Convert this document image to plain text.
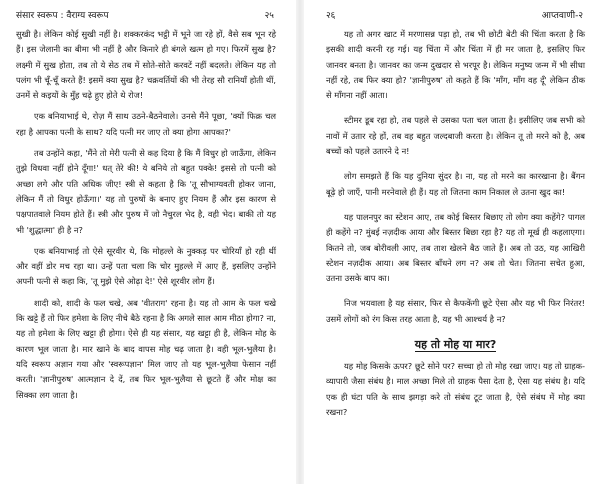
संसार स्वरूप : वैराग्य स्वरूप	२५

सुखी है। लेकिन कोई सुखी नहीं है। शक्करकंद भट्ठी में भूने जा रहे हों, वैसे सब भून रहे हैं। इस जेलानी का बीमा भी नहीं है और किनारे ही बंगले खत्म हो गए। फिरमें सुख है? लक्ष्मी में सुख होता, तब तो ये सेठ तब में सोते-सोते करवटें नहीं बदलते। लेकिन यह तो पलंग भी चूँ-चूँ करते हैं! इसमें क्या सुख है? चक्रवर्तियों की भी तेरह सौ रानियाँ होती थीं, उनमें से कइयों के मुँह चढ़े हुए होते थे रोज!

एक बनियाभाई थे, रोज़ मैं साथ उठने-बैठनेवाले। उनसे मैंने पूछा, 'क्यों फिक्र चल रहा है आपका पत्नी के साथ? यदि पत्नी मर जाए तो क्या होगा आपका?'

तब उन्होंने कहा, 'मैंने तो मेरी पत्नी से कह दिया है कि मैं विधुर हो जाऊँगा, लेकिन तुझे विधवा नहीं होने दूँगा!' धत् तेरे की! ये बनिये तो बहुत पक्के! इससे तो पत्नी को अच्छा लगे और पति अधिक जीए! स्त्री से कहता है कि 'तू सौभाग्यवती होकर जाना, लेकिन मैं तो विधुर होऊँगा।' यह तो पुरुषों के बनाए हुए नियम हैं और इस कारण से पक्षपातवाले नियम होते हैं। स्त्री और पुरुष में जो नैचुरल भेद है, वही भेद। बाकी तो यह भी 'शुद्धात्मा' ही है न?

एक बनियाभाई तो ऐसे सूरवीर थे, कि मोहल्ले के नुक्कड़ पर चोरियाँ हो रही थीं और वहीं डोर मच रहा था। उन्हें पता चला कि चोर मुहल्ले में आए हैं, इसलिए उन्होंने अपनी पत्नी से कहा कि, 'तू मुझे ऐसे ओढ़ा दे!' ऐसे शूरवीर लोग हैं।

शादी को, शादी के फल चखे, अब 'वीतराग' रहना है। यह तो आम के फल चखे कि खट्टे हैं तो फिर हमेशा के लिए नीचे बैठे रहना है कि अगले साल आम मीठा होगा? ना, यह तो हमेशा के लिए खट्टा ही होगा। ऐसे ही यह संसार, यह खट्टा ही है, लेकिन मोह के कारण भूल जाता है। मार खाने के बाद वापस मोह चढ़ जाता है। वही भूल-भुलैया है। यदि स्वरूप अज्ञान गया और 'स्वरूपज्ञान' मिल जाए तो यह भूल-भुलैया फेसान नहीं करती। 'ज्ञानीपुरुष' आत्मज्ञान दे दें, तब फिर भूल-भुलैया से छूटते हैं और मोक्ष का सिक्का लग जाता है।

२६	आप्तवाणी-२

यह तो अगर खाट में मरणासन्न पड़ा हो, तब भी छोटी बेटी की चिंता करता है कि इसकी शादी करनी रह गई। यह चिंता में और चिंता में ही मर जाता है, इसलिए फिर जानवर बनता है। जानवर का जन्म दुखदार से भरपूर है। लेकिन मनुष्य जन्म में भी सीधा नहीं रहे, तब फिर क्या हो? 'ज्ञानीपुरुष' तो कहते हैं कि 'माँग, माँग वह दूँ' लेकिन ठीक से माँगना नहीं आता।

स्टीमर डूब रहा हो, तब पहले से उसका पता चल जाता है। इसीलिए जब सभी को नावों में उतार रहे हों, तब वह बहुत जल्दबाजी करता है। लेकिन तू तो मरने को है, अब बच्चों को पहले उतारने दे न!

लोग समझते हैं कि यह दुनिया सुंदर है। ना, यह तो मरने का कारखाना है। बैंगन बूढ़े हो जाएँ, पानी मरनेवाले ही हैं। यह तो जितना काम निकाल ले उतना खुद का!

यह पालनपुर का स्टेशन आए, तब कोई बिस्तर बिछाए तो लोग क्या कहेंगे? पागल ही कहेंगे न? मुंबई नज़दीक आया और बिस्तर बिछा रहा है? यह तो मूर्ख ही कहलाएगा। कितने तो, जब बोरीवली आए, तब ताश खेलने बैठ जाते हैं। अब तो उठ, यह आखिरी स्टेशन नज़दीक आया। अब बिस्तर बाँधने लग न? अब तो चेत। जितना सचेत हुआ, उतना उसके बाप का।

निज भयवाला है यह संसार, फिर से कैफकेंगी छूटे ऐसा और यह भी फिर निरंतर! उसमें लोगों को रंग किस तरह आता है, यह भी आश्चर्य है न?

यह तो मोह या मार?

यह मोह किसके ऊपर? छूटे सोने पर? सच्चा हो तो मोह रखा जाए। यह तो ग्राहक-व्यापारी जैसा संबंध है। माल अच्छा मिले तो ग्राहक पैसा देता है, ऐसा यह संबंध है। यदि एक ही घंटा पति के साथ झगड़ा करे तो संबंध टूट जाता है, ऐसे संबंध में मोह क्या रखना?
